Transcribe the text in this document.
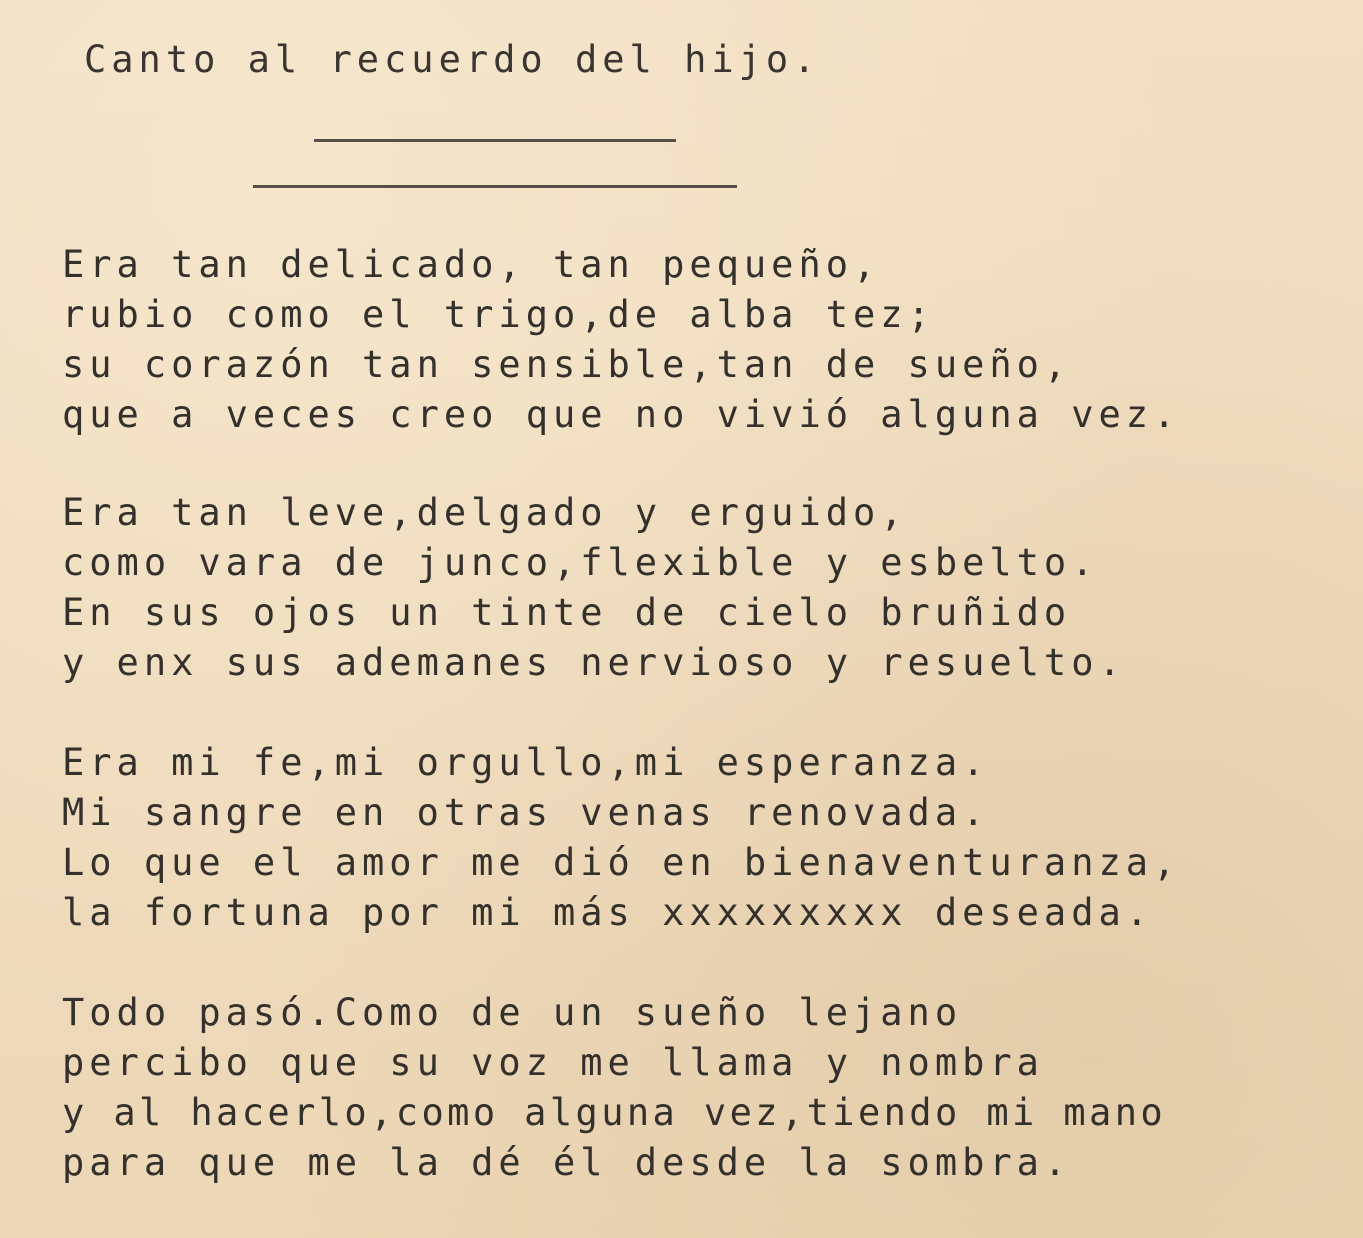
Canto al recuerdo del hijo.
Era tan delicado, tan pequeño,
rubio como el trigo,de alba tez;
su corazón tan sensible,tan de sueño,
que a veces creo que no vivió alguna vez.
Era tan leve,delgado y erguido,
como vara de junco,flexible y esbelto.
En sus ojos un tinte de cielo bruñido
y enx sus ademanes nervioso y resuelto.
Era mi fe,mi orgullo,mi esperanza.
Mi sangre en otras venas renovada.
Lo que el amor me dió en bienaventuranza,
la fortuna por mi más xxxxxxxxx deseada.
Todo pasó.Como de un sueño lejano
percibo que su voz me llama y nombra
y al hacerlo,como alguna vez,tiendo mi mano
para que me la dé él desde la sombra.
